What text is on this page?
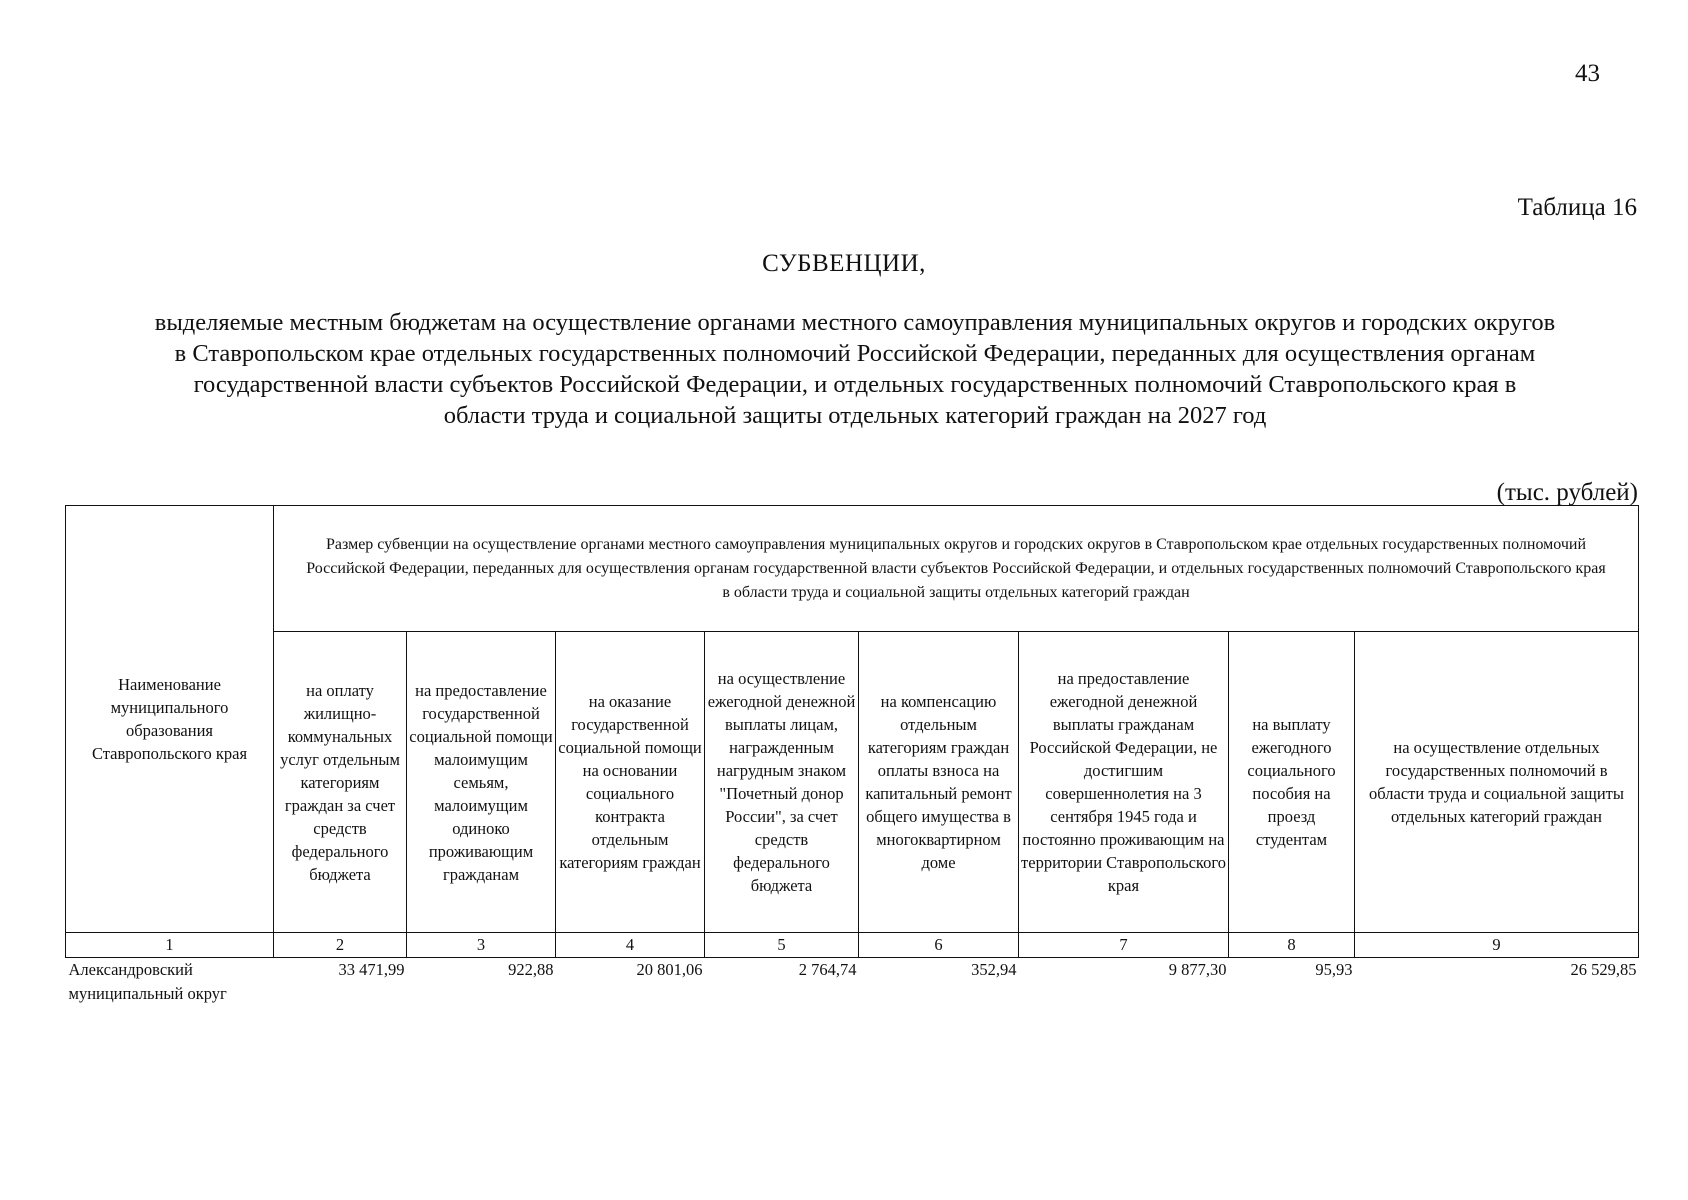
43
Таблица 16
СУБВЕНЦИИ,
выделяемые местным бюджетам на осуществление органами местного самоуправления муниципальных округов и городских округов
в Ставропольском крае отдельных государственных полномочий Российской Федерации, переданных для осуществления органам
государственной власти субъектов Российской Федерации, и отдельных государственных полномочий Ставропольского края в
области труда и социальной защиты отдельных категорий граждан на 2027 год
(тыс. рублей)
Наименование муниципального образования Ставропольского края	Размер субвенции на осуществление органами местного самоуправления муниципальных округов и городских округов в Ставропольском крае отдельных государственных полномочий Российской Федерации, переданных для осуществления органам государственной власти субъектов Российской Федерации, и отдельных государственных полномочий Ставропольского края в области труда и социальной защиты отдельных категорий граждан							
	на оплату жилищно-коммунальных услуг отдельным категориям граждан за счет средств федерального бюджета	на предоставление государственной социальной помощи малоимущим семьям, малоимущим одиноко проживающим гражданам	на оказание государственной социальной помощи на основании социального контракта отдельным категориям граждан	на осуществление ежегодной денежной выплаты лицам, награжденным нагрудным знаком "Почетный донор России", за счет средств федерального бюджета	на компенсацию отдельным категориям граждан оплаты взноса на капитальный ремонт общего имущества в многоквартирном доме	на предоставление ежегодной денежной выплаты гражданам Российской Федерации, не достигшим совершеннолетия на 3 сентября 1945 года и постоянно проживающим на территории Ставропольского края	на выплату ежегодного социального пособия на проезд студентам	на осуществление отдельных государственных полномочий в области труда и социальной защиты отдельных категорий граждан
1	2	3	4	5	6	7	8	9
Александровский муниципальный округ	33 471,99	922,88	20 801,06	2 764,74	352,94	9 877,30	95,93	26 529,85
